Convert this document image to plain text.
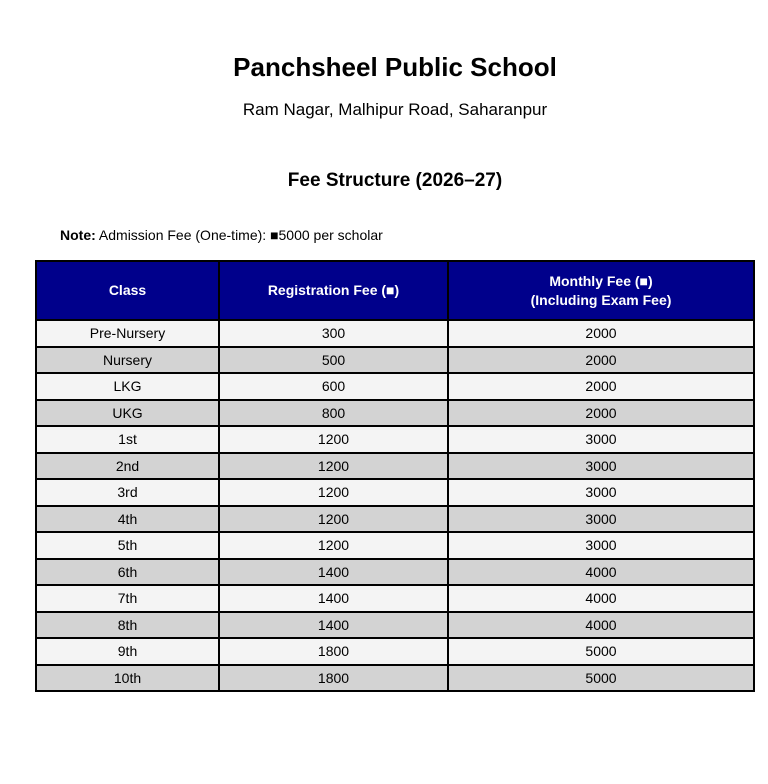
Panchsheel Public School
Ram Nagar, Malhipur Road, Saharanpur
Fee Structure (2026–27)
Note: Admission Fee (One-time): ■5000 per scholar
Class	Registration Fee (■)	Monthly Fee (■)
(Including Exam Fee)
Pre-Nursery	300	2000
Nursery	500	2000
LKG	600	2000
UKG	800	2000
1st	1200	3000
2nd	1200	3000
3rd	1200	3000
4th	1200	3000
5th	1200	3000
6th	1400	4000
7th	1400	4000
8th	1400	4000
9th	1800	5000
10th	1800	5000
